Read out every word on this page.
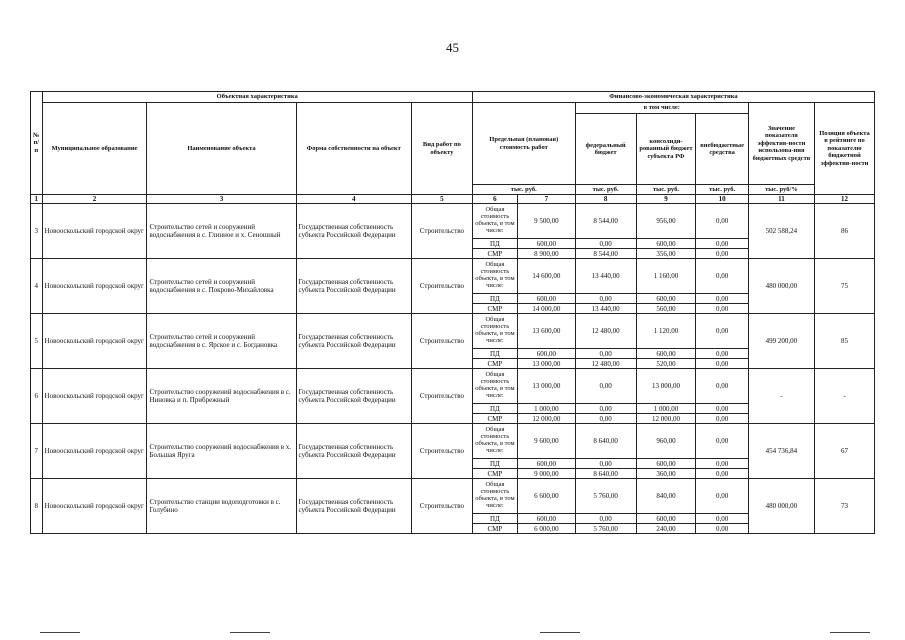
45
№ п/п	Объектная характеристика				Финансово-экономическая характеристика						
	Муниципальное образование	Наименование объекта	Форма собственности на объект	Вид работ по объекту	Предельная (плановая) стоимость работ		в том числе:			Значение показателя эффектив-ности использова-ния бюджетных средств	Позиция объекта в рейтинге по показателю бюджетной эффектив-ности
							федеральный бюджет	консолиди-рованный бюджет субъекта РФ	внебюджетные средства		
					тыс. руб.		тыс. руб.	тыс. руб.	тыс. руб.	тыс. руб/%	
1	2	3	4	5	6	7	8	9	10	11	12
3	Новооскольский городской округ	Строительство сетей и сооружений водоснабжения в с. Глинное и х. Сеношный	Государственная собственность субъекта Российской Федерации	Строительство	Общая стоимость объекта, в том числе:	9 500,00	8 544,00	956,00	0,00	502 588,24	86
					ПД	600,00	0,00	600,00	0,00		
					СМР	8 900,00	8 544,00	356,00	0,00		
4	Новооскольский городской округ	Строительство сетей и сооружений водоснабжения в с. Покрово-Михайловка	Государственная собственность субъекта Российской Федерации	Строительство	Общая стоимость объекта, в том числе:	14 600,00	13 440,00	1 160,00	0,00	480 000,00	75
					ПД	600,00	0,00	600,00	0,00		
					СМР	14 000,00	13 440,00	560,00	0,00		
5	Новооскольский городской округ	Строительство сетей и сооружений водоснабжения в с. Ярское и с. Богдановка	Государственная собственность субъекта Российской Федерации	Строительство	Общая стоимость объекта, в том числе:	13 600,00	12 480,00	1 120,00	0,00	499 200,00	85
					ПД	600,00	0,00	600,00	0,00		
					СМР	13 000,00	12 480,00	520,00	0,00		
6	Новооскольский городской округ	Строительство сооружений водоснабжения в с. Ниновка и п. Прибрежный	Государственная собственность субъекта Российской Федерации	Строительство	Общая стоимость объекта, в том числе:	13 000,00	0,00	13 000,00	0,00	-	-
					ПД	1 000,00	0,00	1 000,00	0,00		
					СМР	12 000,00	0,00	12 000,00	0,00		
7	Новооскольский городской округ	Строительство сооружений водоснабжения в х. Большая Яруга	Государственная собственность субъекта Российской Федерации	Строительство	Общая стоимость объекта, в том числе:	9 600,00	8 640,00	960,00	0,00	454 736,84	67
					ПД	600,00	0,00	600,00	0,00		
					СМР	9 000,00	8 640,00	360,00	0,00		
8	Новооскольский городской округ	Строительство станции водоподготовки в с. Голубино	Государственная собственность субъекта Российской Федерации	Строительство	Общая стоимость объекта, в том числе:	6 600,00	5 760,00	840,00	0,00	480 000,00	73
					ПД	600,00	0,00	600,00	0,00		
					СМР	6 000,00	5 760,00	240,00	0,00		
